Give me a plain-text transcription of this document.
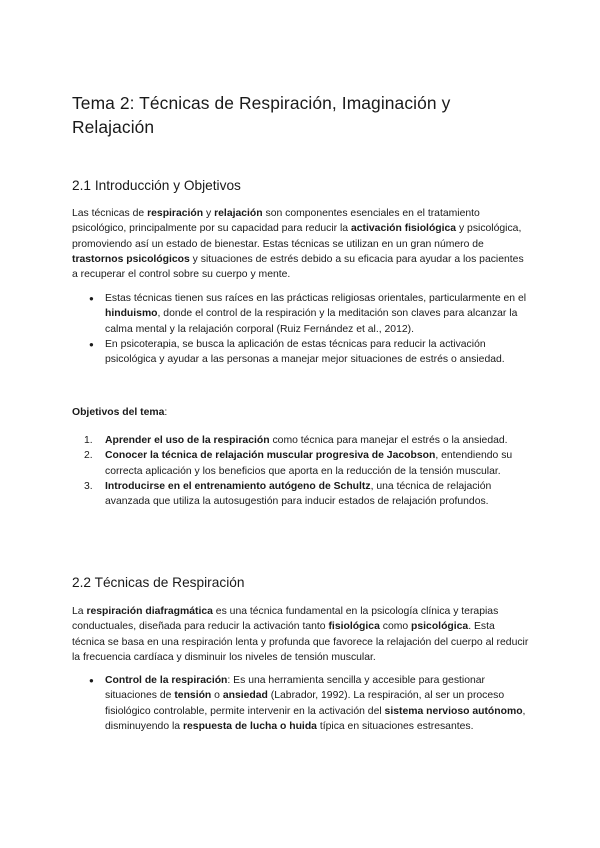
Tema 2: Técnicas de Respiración, Imaginación y Relajación
2.1 Introducción y Objetivos

Las técnicas de respiración y relajación son componentes esenciales en el tratamiento psicológico, principalmente por su capacidad para reducir la activación fisiológica y psicológica, promoviendo así un estado de bienestar. Estas técnicas se utilizan en un gran número de trastornos psicológicos y situaciones de estrés debido a su eficacia para ayudar a los pacientes a recuperar el control sobre su cuerpo y mente.

● Estas técnicas tienen sus raíces en las prácticas religiosas orientales, particularmente en el hinduismo, donde el control de la respiración y la meditación son claves para alcanzar la calma mental y la relajación corporal (Ruiz Fernández et al., 2012).
● En psicoterapia, se busca la aplicación de estas técnicas para reducir la activación psicológica y ayudar a las personas a manejar mejor situaciones de estrés o ansiedad.

Objetivos del tema:

1. Aprender el uso de la respiración como técnica para manejar el estrés o la ansiedad.
2. Conocer la técnica de relajación muscular progresiva de Jacobson, entendiendo su correcta aplicación y los beneficios que aporta en la reducción de la tensión muscular.
3. Introducirse en el entrenamiento autógeno de Schultz, una técnica de relajación avanzada que utiliza la autosugestión para inducir estados de relajación profundos.
2.2 Técnicas de Respiración

La respiración diafragmática es una técnica fundamental en la psicología clínica y terapias conductuales, diseñada para reducir la activación tanto fisiológica como psicológica. Esta técnica se basa en una respiración lenta y profunda que favorece la relajación del cuerpo al reducir la frecuencia cardíaca y disminuir los niveles de tensión muscular.

● Control de la respiración: Es una herramienta sencilla y accesible para gestionar situaciones de tensión o ansiedad (Labrador, 1992). La respiración, al ser un proceso fisiológico controlable, permite intervenir en la activación del sistema nervioso autónomo, disminuyendo la respuesta de lucha o huida típica en situaciones estresantes.
